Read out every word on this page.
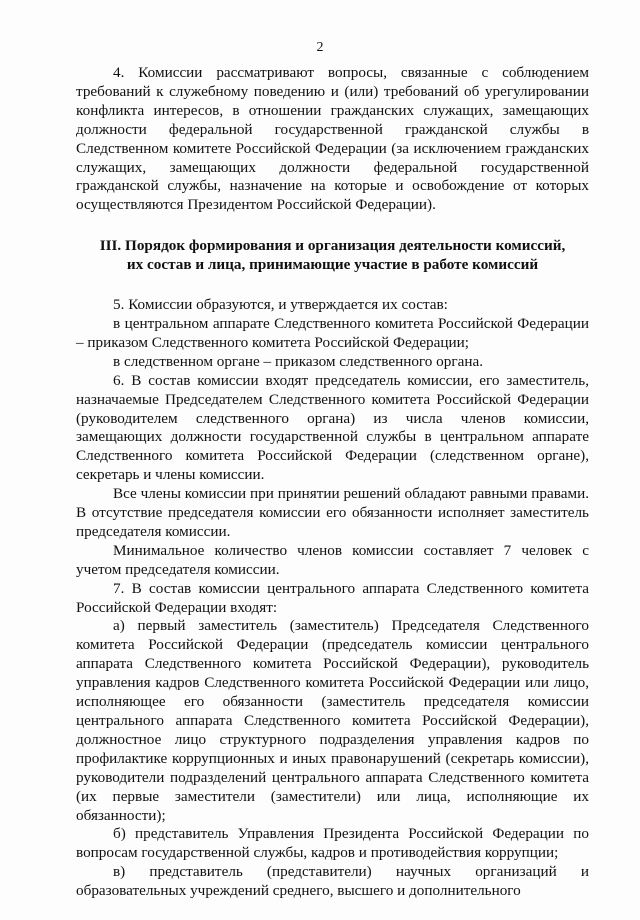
2

4. Комиссии рассматривают вопросы, связанные с соблюдением требований к служебному поведению и (или) требований об урегулировании конфликта интересов, в отношении гражданских служащих, замещающих должности федеральной государственной гражданской службы в Следственном комитете Российской Федерации (за исключением гражданских служащих, замещающих должности федеральной государственной гражданской службы, назначение на которые и освобождение от которых осуществляются Президентом Российской Федерации).

III. Порядок формирования и организация деятельности комиссий,
их состав и лица, принимающие участие в работе комиссий

5. Комиссии образуются, и утверждается их состав:

в центральном аппарате Следственного комитета Российской Федерации – приказом Следственного комитета Российской Федерации;

в следственном органе – приказом следственного органа.

6. В состав комиссии входят председатель комиссии, его заместитель, назначаемые Председателем Следственного комитета Российской Федерации (руководителем следственного органа) из числа членов комиссии, замещающих должности государственной службы в центральном аппарате Следственного комитета Российской Федерации (следственном органе), секретарь и члены комиссии.

Все члены комиссии при принятии решений обладают равными правами. В отсутствие председателя комиссии его обязанности исполняет заместитель председателя комиссии.

Минимальное количество членов комиссии составляет 7 человек с учетом председателя комиссии.

7. В состав комиссии центрального аппарата Следственного комитета Российской Федерации входят:

а) первый заместитель (заместитель) Председателя Следственного комитета Российской Федерации (председатель комиссии центрального аппарата Следственного комитета Российской Федерации), руководитель управления кадров Следственного комитета Российской Федерации или лицо, исполняющее его обязанности (заместитель председателя комиссии центрального аппарата Следственного комитета Российской Федерации), должностное лицо структурного подразделения управления кадров по профилактике коррупционных и иных правонарушений (секретарь комиссии), руководители подразделений центрального аппарата Следственного комитета (их первые заместители (заместители) или лица, исполняющие их обязанности);

б) представитель Управления Президента Российской Федерации по вопросам государственной службы, кадров и противодействия коррупции;

в) представитель (представители) научных организаций и образовательных учреждений среднего, высшего и дополнительного
